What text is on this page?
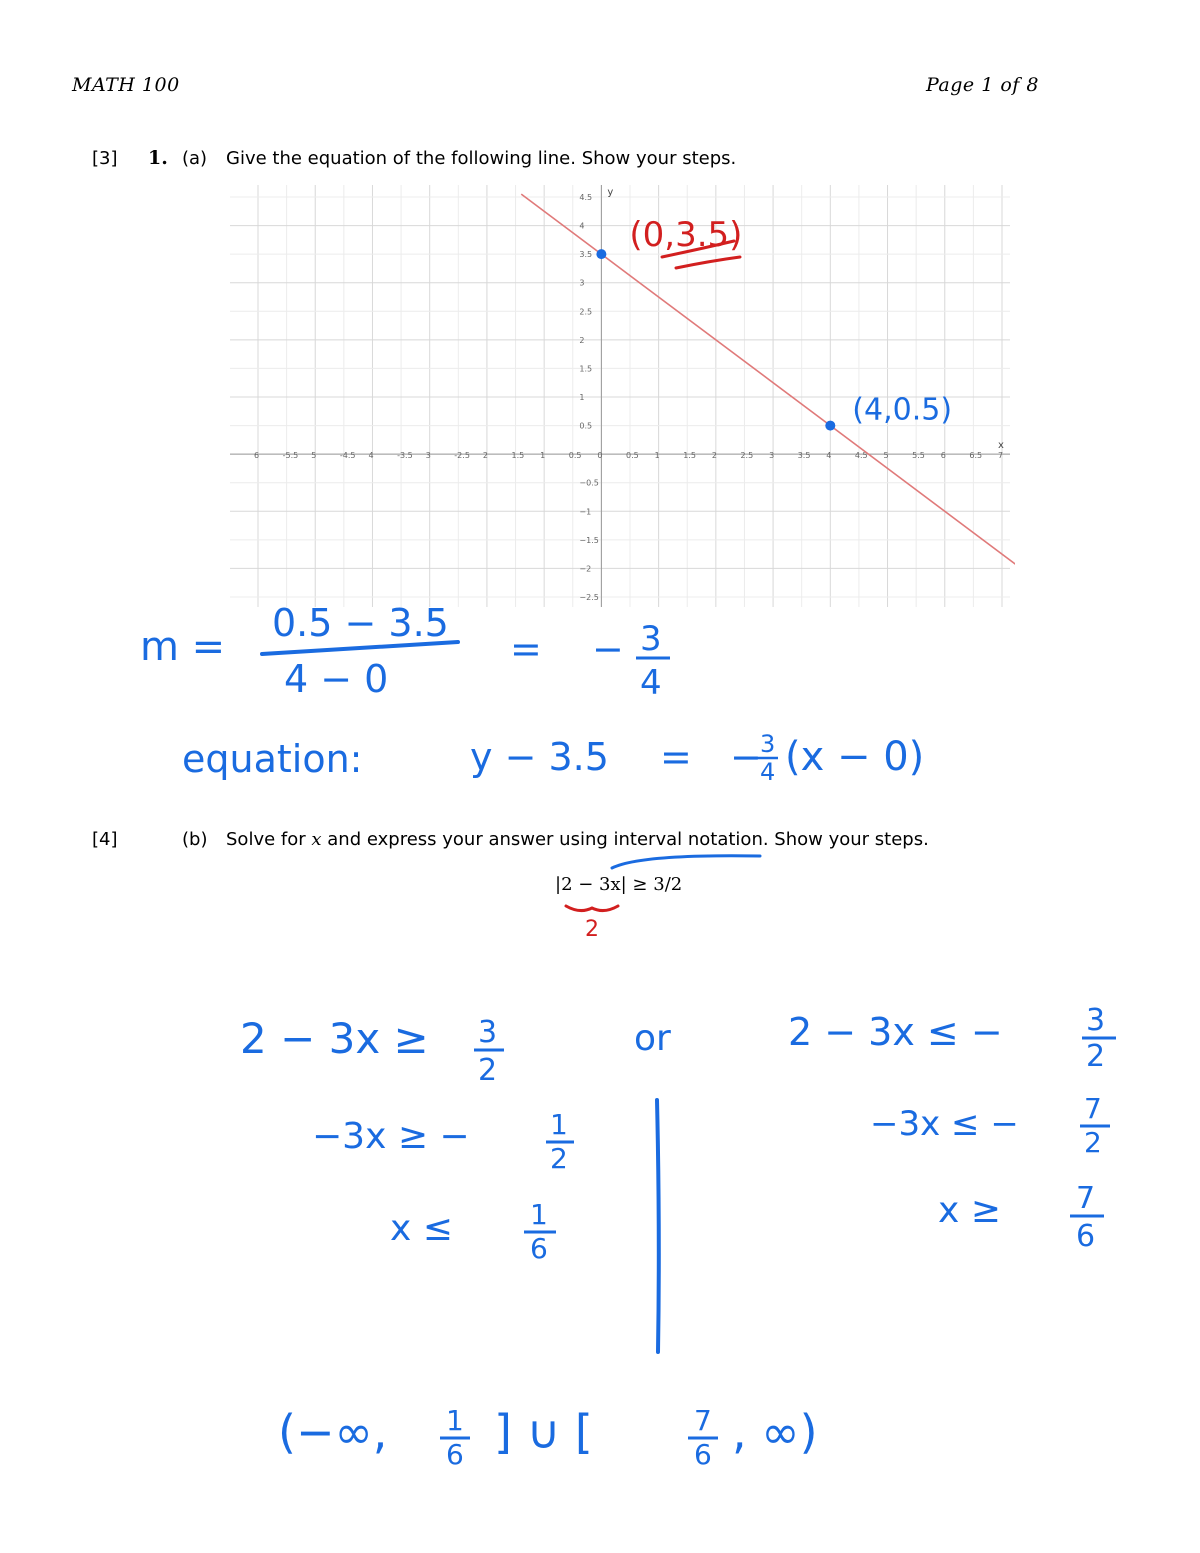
MATH 100	Page 1 of 8
[3] 1. (a) Give the equation of the following line. Show your steps.
6	-5.5 5	-4.5 4	-3.5 3	-2.5 2	1.5 1	0.5 0	0.5 1	1.5 2	2.5 3	3.5 4	4.5 5	5.5 6	6.5 7
4.5
4
3.5
3
2.5
2
1.5
1
0.5
−0.5
−1
−1.5
−2
−2.5
x
y
(0,3.5)
(4,0.5)
m =
0.5 − 3.5
4 − 0
= − 3
4
equation:	y − 3.5 = −
3
4 (x − 0)
[4]	(b) Solve for x and express your answer using interval notation. Show your steps.
|2 − 3x| ≥ 3/2
2
2 − 3x ≥ 3
2
−3x ≥ −	1
2
x ≤	1
6
or	2 − 3x ≤ −	3
2
−3x ≤ − 7
2
x ≥	7
6
(−∞, 1
6 ] ∪ [	7
6 , ∞)
